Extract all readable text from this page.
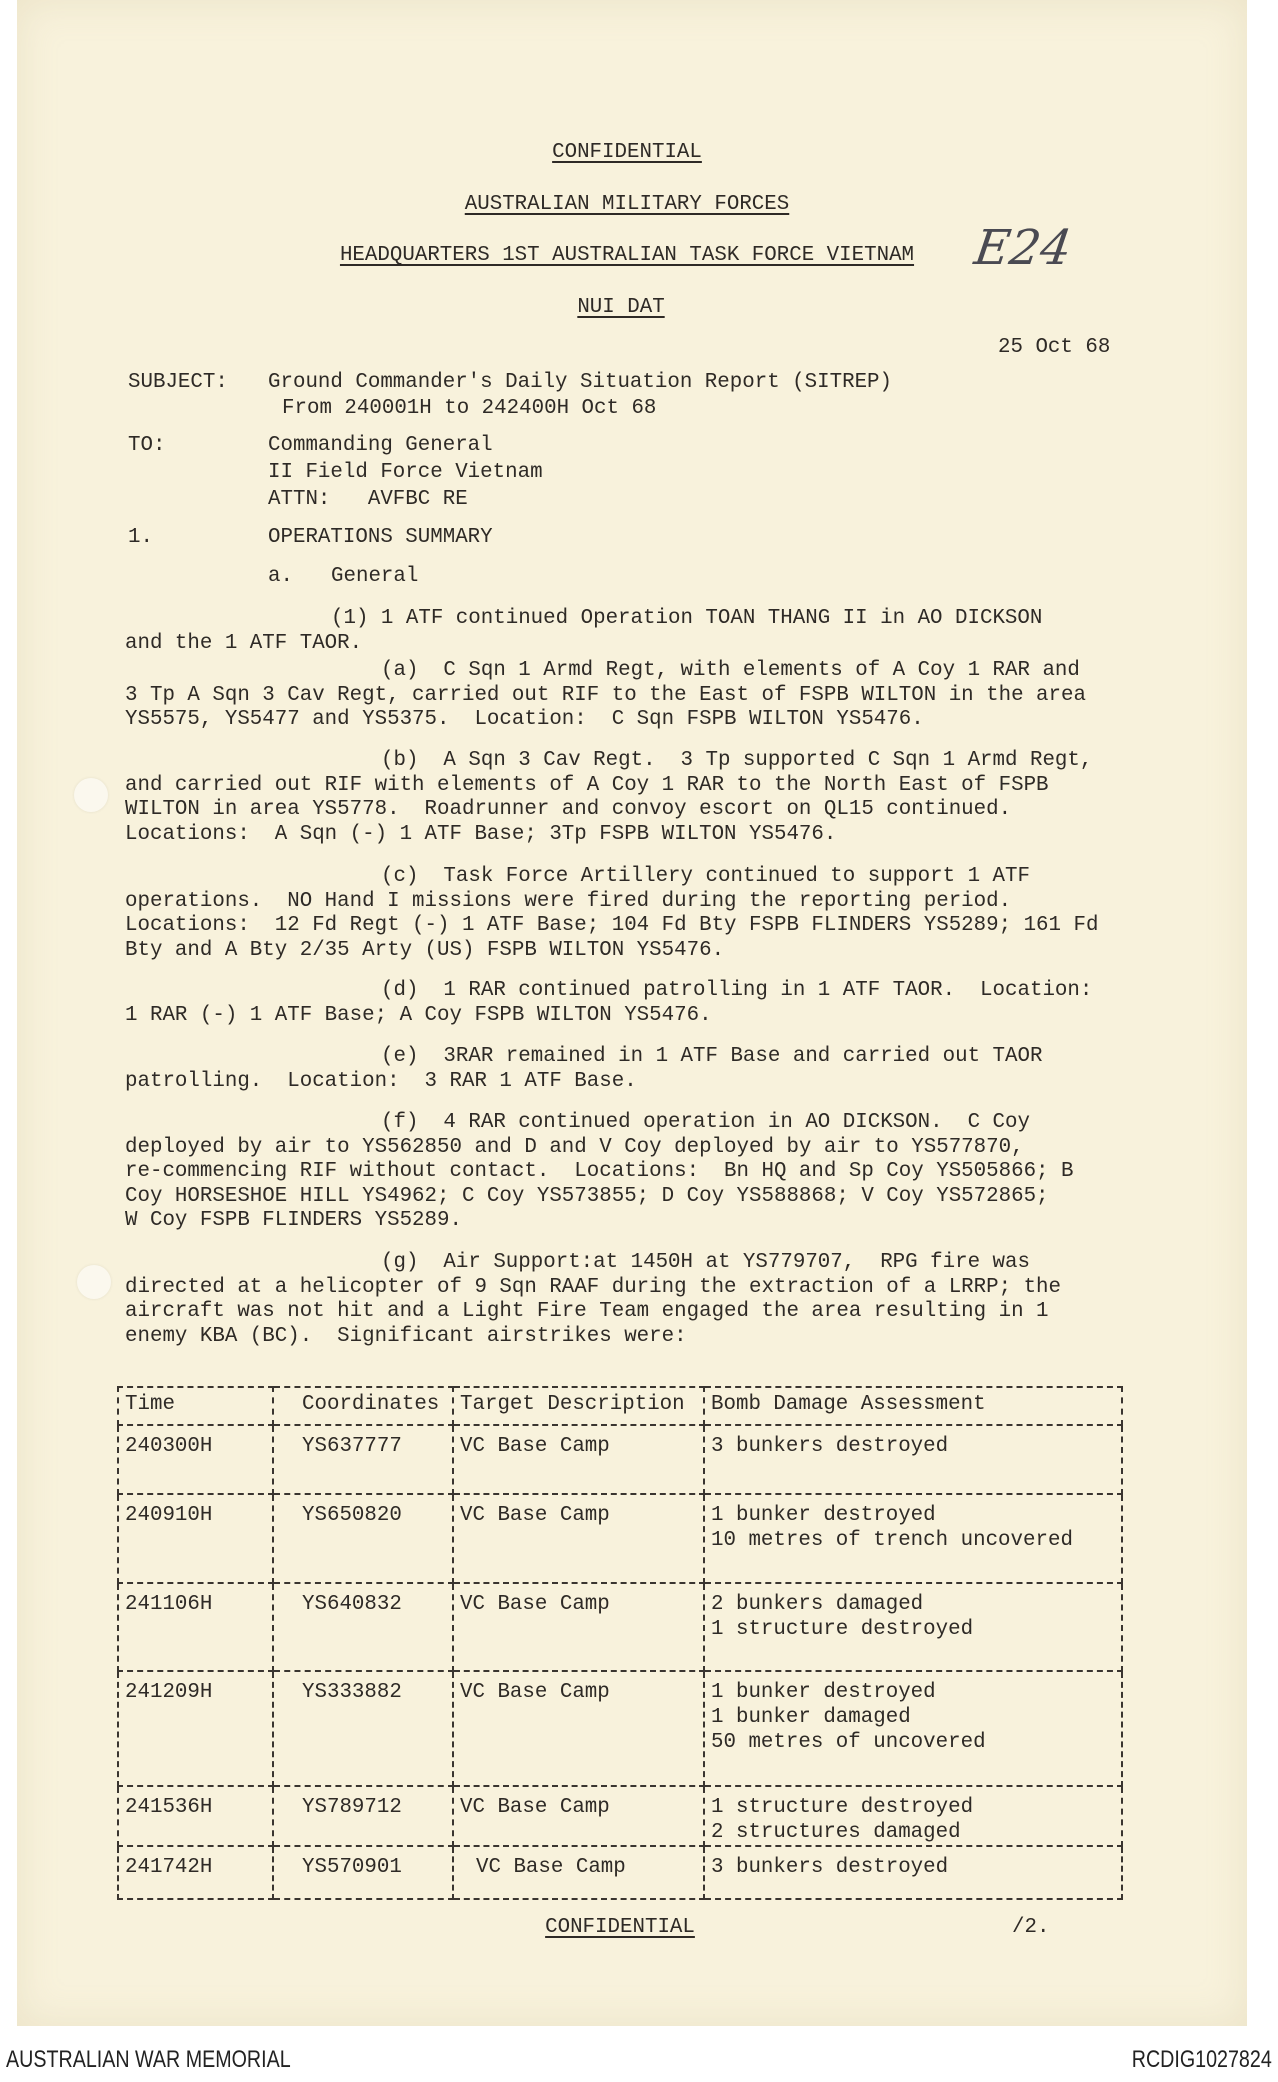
CONFIDENTIAL
AUSTRALIAN MILITARY FORCES
HEADQUARTERS 1ST AUSTRALIAN TASK FORCE VIETNAM E24
NUI DAT
25 Oct 68
SUBJECT: Ground Commander's Daily Situation Report (SITREP)
From 240001H to 242400H Oct 68
TO:	Commanding General
II Field Force Vietnam
ATTN:   AVFBC RE
1.	OPERATIONS SUMMARY
a. General
(1) 1 ATF continued Operation TOAN THANG II in AO DICKSON
and the 1 ATF TAOR.
(a)  C Sqn 1 Armd Regt, with elements of A Coy 1 RAR and
3 Tp A Sqn 3 Cav Regt, carried out RIF to the East of FSPB WILTON in the area
YS5575, YS5477 and YS5375.  Location:  C Sqn FSPB WILTON YS5476.
(b)  A Sqn 3 Cav Regt.  3 Tp supported C Sqn 1 Armd Regt,
and carried out RIF with elements of A Coy 1 RAR to the North East of FSPB
WILTON in area YS5778.  Roadrunner and convoy escort on QL15 continued.
Locations:  A Sqn (-) 1 ATF Base; 3Tp FSPB WILTON YS5476.
(c)  Task Force Artillery continued to support 1 ATF
operations.  NO Hand I missions were fired during the reporting period.
Locations:  12 Fd Regt (-) 1 ATF Base; 104 Fd Bty FSPB FLINDERS YS5289; 161 Fd
Bty and A Bty 2/35 Arty (US) FSPB WILTON YS5476.
(d)  1 RAR continued patrolling in 1 ATF TAOR.  Location:
1 RAR (-) 1 ATF Base; A Coy FSPB WILTON YS5476.
(e)  3RAR remained in 1 ATF Base and carried out TAOR
patrolling.  Location:  3 RAR 1 ATF Base.
(f)  4 RAR continued operation in AO DICKSON.  C Coy
deployed by air to YS562850 and D and V Coy deployed by air to YS577870,
re-commencing RIF without contact.  Locations:  Bn HQ and Sp Coy YS505866; B
Coy HORSESHOE HILL YS4962; C Coy YS573855; D Coy YS588868; V Coy YS572865;
W Coy FSPB FLINDERS YS5289.
(g)  Air Support:at 1450H at YS779707,  RPG fire was
directed at a helicopter of 9 Sqn RAAF during the extraction of a LRRP; the
aircraft was not hit and a Light Fire Team engaged the area resulting in 1
enemy KBA (BC).  Significant airstrikes were:
Time	Coordinates	Target Description	Bomb Damage Assessment
240300H	YS637777	VC Base Camp	3 bunkers destroyed
240910H	YS650820	VC Base Camp	1 bunker destroyed
10 metres of trench uncovered
241106H	YS640832	VC Base Camp	2 bunkers damaged
1 structure destroyed
241209H	YS333882	VC Base Camp	1 bunker destroyed
1 bunker damaged
50 metres of uncovered
241536H	YS789712	VC Base Camp	1 structure destroyed
2 structures damaged
241742H	YS570901	VC Base Camp	3 bunkers destroyed
CONFIDENTIAL	/2.
AUSTRALIAN WAR MEMORIAL	RCDIG1027824
